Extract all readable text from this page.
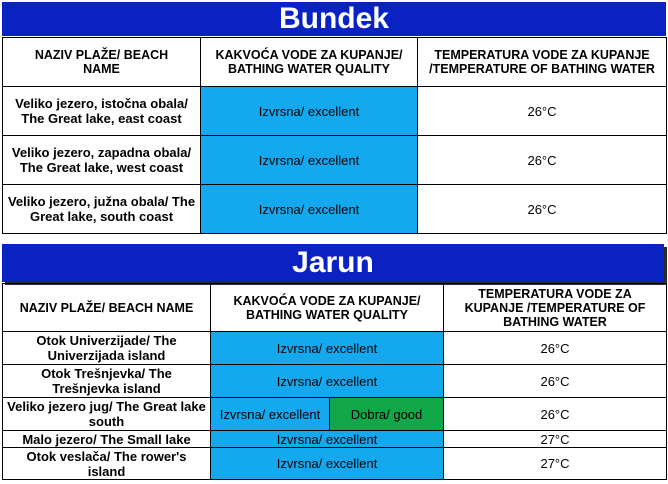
Bundek
NAZIV PLAŽE/ BEACH NAME	KAKVOĆA VODE ZA KUPANJE/ BATHING WATER QUALITY	TEMPERATURA VODE ZA KUPANJE /TEMPERATURE OF BATHING WATER
Veliko jezero, istočna obala/ The Great lake, east coast	Izvrsna/ excellent	26°C
Veliko jezero, zapadna obala/ The Great lake, west coast	Izvrsna/ excellent	26°C
Veliko jezero, južna obala/ The Great lake, south coast	Izvrsna/ excellent	26°C
Jarun
NAZIV PLAŽE/ BEACH NAME	KAKVOĆA VODE ZA KUPANJE/ BATHING WATER QUALITY		TEMPERATURA VODE ZA KUPANJE /TEMPERATURE OF BATHING WATER
Otok Univerzijade/ The Univerzijada island	Izvrsna/ excellent		26°C
Otok Trešnjevka/ The Trešnjevka island	Izvrsna/ excellent		26°C
Veliko jezero jug/ The Great lake south	Izvrsna/ excellent	Dobra/ good	26°C
Malo jezero/ The Small lake	Izvrsna/ excellent		27°C
Otok veslača/ The rower's island	Izvrsna/ excellent		27°C
